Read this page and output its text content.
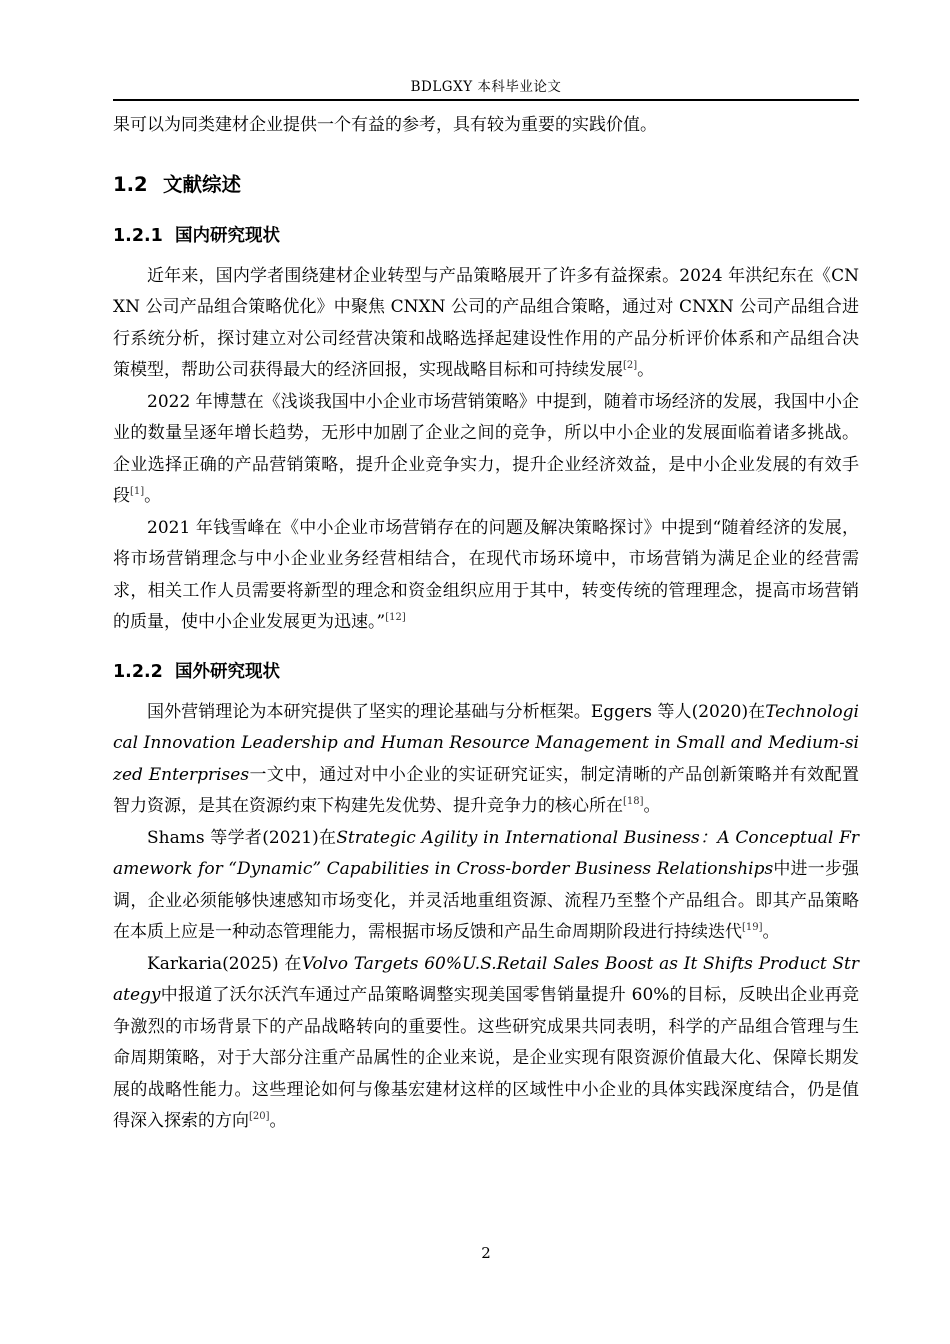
BDLGXY 本科毕业论文

果可以为同类建材企业提供一个有益的参考，具有较为重要的实践价值。

1.2 文献综述
1.2.1 国内研究现状

近年来，国内学者围绕建材企业转型与产品策略展开了许多有益探索。2024 年洪纪东在《CNXN 公司产品组合策略优化》中聚焦 CNXN 公司的产品组合策略，通过对 CNXN 公司产品组合进行系统分析，探讨建立对公司经营决策和战略选择起建设性作用的产品分析评价体系和产品组合决策模型，帮助公司获得最大的经济回报，实现战略目标和可持续发展[2]。

2022 年博慧在《浅谈我国中小企业市场营销策略》中提到，随着市场经济的发展，我国中小企业的数量呈逐年增长趋势，无形中加剧了企业之间的竞争，所以中小企业的发展面临着诸多挑战。企业选择正确的产品营销策略，提升企业竞争实力，提升企业经济效益，是中小企业发展的有效手段[1]。

2021 年钱雪峰在《中小企业市场营销存在的问题及解决策略探讨》中提到“随着经济的发展，将市场营销理念与中小企业业务经营相结合，在现代市场环境中，市场营销为满足企业的经营需求，相关工作人员需要将新型的理念和资金组织应用于其中，转变传统的管理理念，提高市场营销的质量，使中小企业发展更为迅速。”[12]

1.2.2 国外研究现状

国外营销理论为本研究提供了坚实的理论基础与分析框架。Eggers 等人(2020)在Technological Innovation Leadership and Human Resource Management in Small and Medium-sized Enterprises一文中，通过对中小企业的实证研究证实，制定清晰的产品创新策略并有效配置智力资源，是其在资源约束下构建先发优势、提升竞争力的核心所在[18]。

Shams 等学者(2021)在Strategic Agility in International Business：A Conceptual Framework for “Dynamic” Capabilities in Cross-border Business Relationships中进一步强调，企业必须能够快速感知市场变化，并灵活地重组资源、流程乃至整个产品组合。即其产品策略在本质上应是一种动态管理能力，需根据市场反馈和产品生命周期阶段进行持续迭代[19]。

Karkaria(2025) 在Volvo Targets 60%U.S.Retail Sales Boost as It Shifts Product Strategy中报道了沃尔沃汽车通过产品策略调整实现美国零售销量提升 60%的目标，反映出企业再竞争激烈的市场背景下的产品战略转向的重要性。这些研究成果共同表明，科学的产品组合管理与生命周期策略，对于大部分注重产品属性的企业来说，是企业实现有限资源价值最大化、保障长期发展的战略性能力。这些理论如何与像基宏建材这样的区域性中小企业的具体实践深度结合，仍是值得深入探索的方向[20]。

2
